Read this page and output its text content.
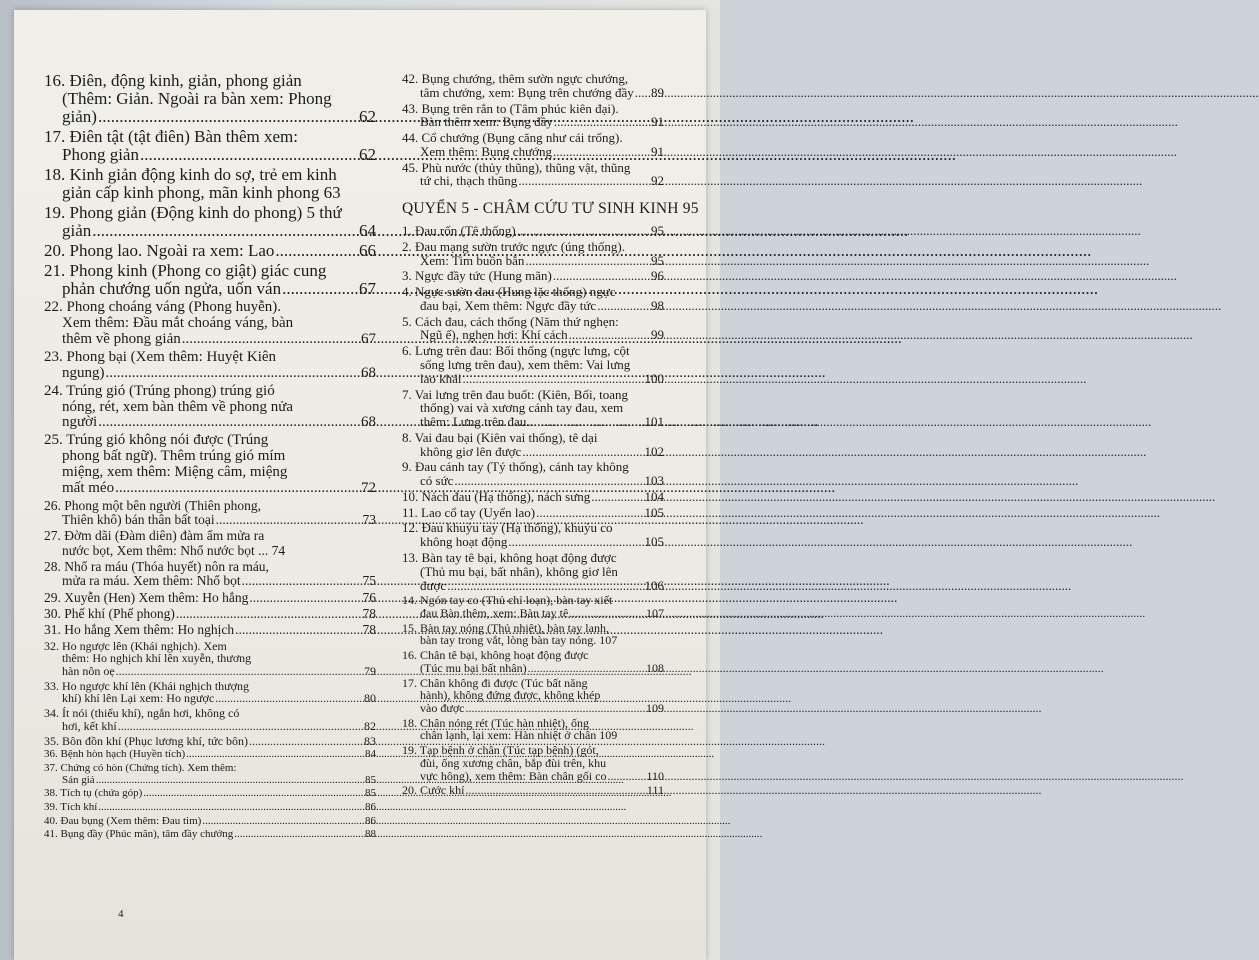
16. Điên, động kinh, giản, phong giản
(Thêm: Giản. Ngoài ra bàn xem: Phong
giản) .....	62
17. Điên tật (tật điên) Bàn thêm xem:
Phong giản .....	62
18. Kinh giản động kinh do sợ, trẻ em kinh
giản cấp kinh phong, mãn kinh phong 63
19. Phong giản (Động kinh do phong) 5 thứ
giản .....	64
20. Phong lao. Ngoài ra xem: Lao .....	66
21. Phong kinh (Phong co giật) giác cung
phản chướng uốn ngửa, uốn ván .....	67
22. Phong choáng váng (Phong huyễn).
Xem thêm: Đầu mắt choáng váng, bàn
thêm về phong giản .....	67
23. Phong bại (Xem thêm: Huyệt Kiên
ngung) .....	68
24. Trúng gió (Trúng phong) trúng gió
nóng, rét, xem bàn thêm về phong nửa
người .....	68
25. Trúng gió không nói được (Trúng
phong bất ngữ). Thêm trúng gió mím
miệng, xem thêm: Miệng câm, miệng
mất méo .....	72
26. Phong một bên người (Thiên phong,
Thiên khô) bán thân bất toại .....	73
27. Đờm dãi (Đàm diên) đàm ẩm mửa ra
nước bọt, Xem thêm: Nhổ nước bọt ... 74
28. Nhổ ra máu (Thóa huyết) nôn ra máu,
mửa ra máu. Xem thêm: Nhổ bọt .....	75
29. Xuyễn (Hen) Xem thêm: Ho hắng .....	76
30. Phế khí (Phế phong) .....	78
31. Ho hắng Xem thêm: Ho nghịch .....	78
32. Ho ngược lên (Khái nghịch). Xem
thêm: Ho nghịch khí lên xuyễn, thương
hàn nôn oẹ .....	79
33. Ho ngược khí lên (Khái nghịch thượng
khí) khí lên Lại xem: Ho ngược .....	80
34. Ít nói (thiểu khí), ngắn hơi, không có
hơi, kết khí .....	82
35. Bôn đồn khí (Phục lương khí, tức bôn) .....	83
36. Bệnh hòn hạch (Huyền tích) .....	84
37. Chứng có hòn (Chứng tích). Xem thêm:
Sán giả .....	85
38. Tích tụ (chứa góp) .....	85
39. Tích khí .....	86
40. Đau bụng (Xem thêm: Đau tim) .....	86
41. Bụng đầy (Phúc mãn), tâm đầy chướng .....	88
42. Bụng chướng, thêm sườn ngực chướng,
tâm chướng, xem: Bụng trên chướng đầy ..... 89
43. Bụng trên rắn to (Tâm phúc kiên đại).
Bàn thêm xem: Bụng đầy .....	91
44. Cổ chướng (Bụng căng như cái trống).
Xem thêm: Bụng chướng .....	91
45. Phù nước (thủy thũng), thũng vật, thũng
tứ chi, thạch thũng .....	92
QUYỂN 5 - CHÂM CỨU TƯ SINH KINH 95
1. Đau rốn (Tê thống) .....	95
2. Đau mạng sườn trước ngực (úng thống).
Xem: Tim buồn bằn .....	95
3. Ngực đầy tức (Hung mãn) .....	96
4. Ngực sườn đau (Hung lặc thống) ngực
đau bại, Xem thêm: Ngực đầy tức .....	98
5. Cách đau, cách thống (Năm thứ nghẹn:
Ngũ ế), nghẹn hơi: Khí cách .....	99
6. Lưng trên đau: Bối thống (ngực lưng, cột
sống lưng trên đau), xem thêm: Vai lưng
lao khái .....	100
7. Vai lưng trên đau buốt: (Kiên, Bối, toang
thống) vai và xương cánh tay đau, xem
thêm: Lưng trên đau .....	101
8. Vai đau bại (Kiên vai thống), tê dại
không giơ lên được .....	102
9. Đau cánh tay (Tý thống), cánh tay không
có sức .....	103
10. Nách đau (Hạ thống), nách sưng .....	104
11. Lao cổ tay (Uyển lao) .....	105
12. Đau khuỷu tay (Hạ thống), khuỷu co
không hoạt động .....	105
13. Bàn tay tê bại, không hoạt động được
(Thủ mu bại, bất nhân), không giơ lên
được .....	106
14. Ngón tay co (Thủ chỉ loạn), bàn tay xiết
đau Bàn thêm, xem: Bàn tay tê .....	107
15. Bàn tay nóng (Thủ nhiệt), bàn tay lạnh,
bàn tay trong vắt, lòng bàn tay nóng. 107
16. Chân tê bại, không hoạt động được
(Túc mu bại bất nhân) .....	108
17. Chân không đi được (Túc bất năng
hành), không đứng được, không khép
vào được .....	109
18. Chân nóng rét (Túc hàn nhiệt), ống
chân lạnh, lại xem: Hàn nhiệt ở chân 109
19. Tạp bệnh ở chân (Túc tạp bệnh) (gót,
đùi, ống xương chân, bắp đùi trên, khu
vực hông), xem thêm: Bàn chân gối co .....	110
20. Cước khí .....	111
4
